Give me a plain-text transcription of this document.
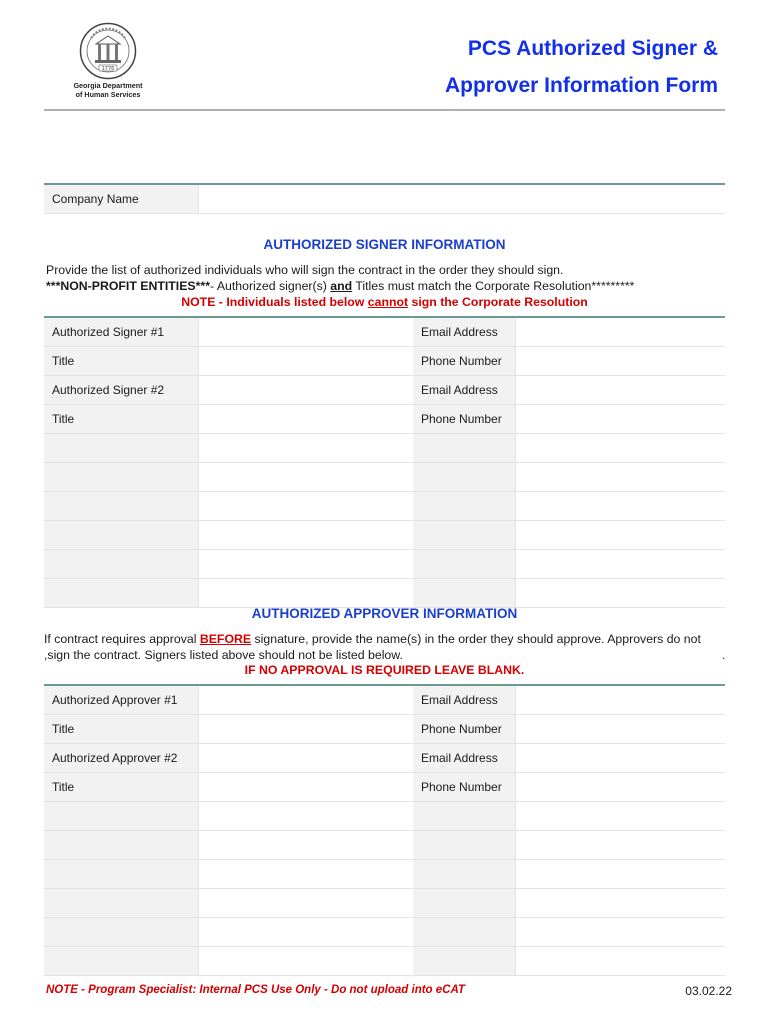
1776
Georgia Department
of Human Services
PCS Authorized Signer &
Approver Information Form
Company Name
AUTHORIZED SIGNER INFORMATION
Provide the list of authorized individuals who will sign the contract in the order they should sign.
***NON-PROFIT ENTITIES***- Authorized signer(s) and Titles must match the Corporate Resolution*********
NOTE - Individuals listed below cannot sign the Corporate Resolution
Authorized Signer #1	Email Address
Title	Phone Number
Authorized Signer #2	Email Address
Title	Phone Number
AUTHORIZED APPROVER INFORMATION
If contract requires approval BEFORE signature, provide the name(s) in the order they should approve. Approvers do not
,sign the contract. Signers listed above should not be listed below.	.
IF NO APPROVAL IS REQUIRED LEAVE BLANK.
Authorized Approver #1	Email Address
Title	Phone Number
Authorized Approver #2	Email Address
Title	Phone Number
NOTE - Program Specialist: Internal PCS Use Only - Do not upload into eCAT	03.02.22
